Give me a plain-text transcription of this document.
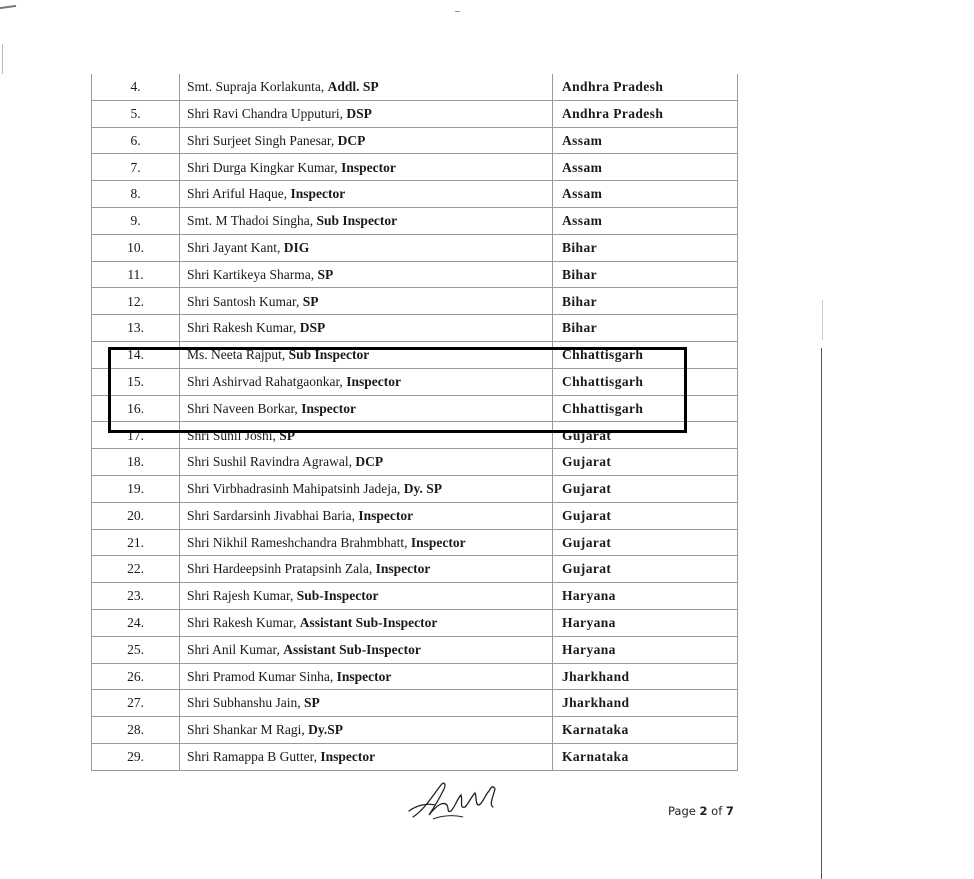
4.	Smt. Supraja Korlakunta, Addl. SP	Andhra Pradesh
5.	Shri Ravi Chandra Upputuri, DSP	Andhra Pradesh
6.	Shri Surjeet Singh Panesar, DCP	Assam
7.	Shri Durga Kingkar Kumar, Inspector	Assam
8.	Shri Ariful Haque, Inspector	Assam
9.	Smt. M Thadoi Singha, Sub Inspector	Assam
10.	Shri Jayant Kant, DIG	Bihar
11.	Shri Kartikeya Sharma, SP	Bihar
12.	Shri Santosh Kumar, SP	Bihar
13.	Shri Rakesh Kumar, DSP	Bihar
14.	Ms. Neeta Rajput, Sub Inspector	Chhattisgarh
15.	Shri Ashirvad Rahatgaonkar, Inspector	Chhattisgarh
16.	Shri Naveen Borkar, Inspector	Chhattisgarh
17.	Shri Sunil Joshi, SP	Gujarat
18.	Shri Sushil Ravindra Agrawal, DCP	Gujarat
19.	Shri Virbhadrasinh Mahipatsinh Jadeja, Dy. SP	Gujarat
20.	Shri Sardarsinh Jivabhai Baria, Inspector	Gujarat
21.	Shri Nikhil Rameshchandra Brahmbhatt, Inspector	Gujarat
22.	Shri Hardeepsinh Pratapsinh Zala, Inspector	Gujarat
23.	Shri Rajesh Kumar, Sub-Inspector	Haryana
24.	Shri Rakesh Kumar, Assistant Sub-Inspector	Haryana
25.	Shri Anil Kumar, Assistant Sub-Inspector	Haryana
26.	Shri Pramod Kumar Sinha, Inspector	Jharkhand
27.	Shri Subhanshu Jain, SP	Jharkhand
28.	Shri Shankar M Ragi, Dy.SP	Karnataka
29.	Shri Ramappa B Gutter, Inspector	Karnataka
Page 2 of 7
